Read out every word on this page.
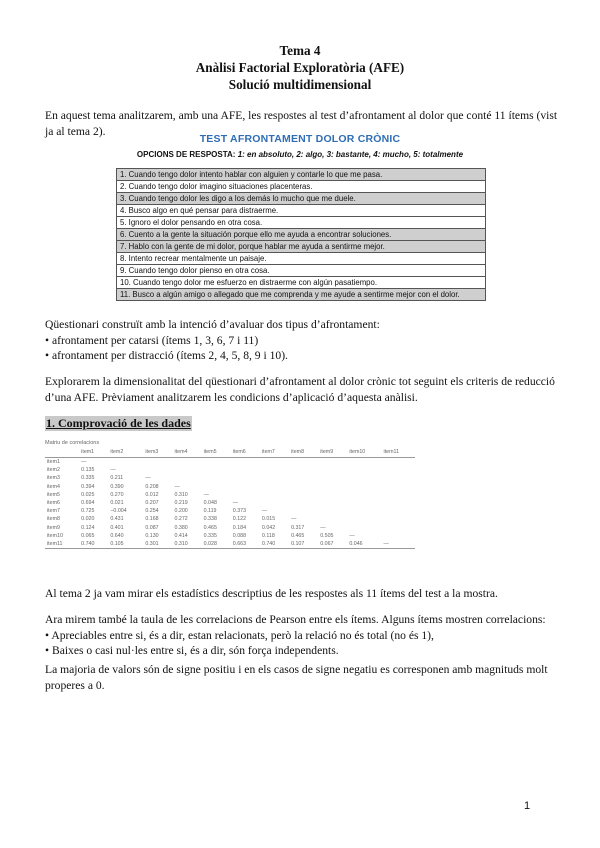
Tema 4
Anàlisi Factorial Exploratòria (AFE)
Solució multidimensional
En aquest tema analitzarem, amb una AFE, les respostes al test d’afrontament al dolor que conté 11 ítems (vist ja al tema 2).
TEST AFRONTAMENT DOLOR CRÒNIC
OPCIONS DE RESPOSTA: 1: en absoluto, 2: algo, 3: bastante, 4: mucho, 5: totalmente
1. Cuando tengo dolor intento hablar con alguien y contarle lo que me pasa.
2. Cuando tengo dolor imagino situaciones placenteras.
3. Cuando tengo dolor les digo a los demás lo mucho que me duele.
4. Busco algo en qué pensar para distraerme.
5. Ignoro el dolor pensando en otra cosa.
6. Cuento a la gente la situación porque ello me ayuda a encontrar soluciones.
7. Hablo con la gente de mi dolor, porque hablar me ayuda a sentirme mejor.
8. Intento recrear mentalmente un paisaje.
9. Cuando tengo dolor pienso en otra cosa.
10. Cuando tengo dolor me esfuerzo en distraerme con algún pasatiempo.
11. Busco a algún amigo o allegado que me comprenda y me ayude a sentirme mejor con el dolor.
Qüestionari construït amb la intenció d’avaluar dos tipus d’afrontament:
• afrontament per catarsi (ítems 1, 3, 6, 7 i 11)
• afrontament per distracció (ítems 2, 4, 5, 8, 9 i 10).
Explorarem la dimensionalitat del qüestionari d’afrontament al dolor crònic tot seguint els criteris de reducció d’una AFE. Prèviament analitzarem les condicions d’aplicació d’aquesta anàlisi.
1. Comprovació de les dades
Matriu de correlacions
	item1	item2	item3	item4	item5	item6	item7	item8	item9	item10	item11
item1	—										
item2	0.135	—									
item3	0.335	0.211	—								
item4	0.394	0.390	0.208	—							
item5	0.025	0.270	0.012	0.310	—						
item6	0.694	0.021	0.207	0.219	0.048	—					
item7	0.725	−0.004	0.254	0.200	0.119	0.373	—				
item8	0.020	0.431	0.168	0.272	0.338	0.122	0.015	—			
item9	0.124	0.401	0.087	0.380	0.465	0.184	0.042	0.317	—		
item10	0.065	0.640	0.130	0.414	0.335	0.088	0.118	0.465	0.505	—	
item11	0.740	0.105	0.301	0.310	0.028	0.663	0.740	0.107	0.067	0.046	—
Al tema 2 ja vam mirar els estadístics descriptius de les respostes als 11 ítems del test a la mostra.
Ara mirem també la taula de les correlacions de Pearson entre els ítems. Alguns ítems mostren correlacions:
• Apreciables entre si, és a dir, estan relacionats, però la relació no és total (no és 1),
• Baixes o casi nul·les entre si, és a dir, són força independents.
La majoria de valors són de signe positiu i en els casos de signe negatiu es corresponen amb magnituds molt properes a 0.
1
